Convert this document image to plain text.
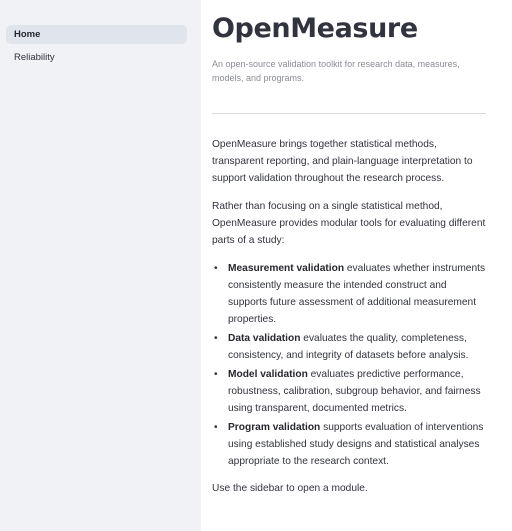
Home
Reliability
OpenMeasure

An open-source validation toolkit for research data, measures, models, and programs.

OpenMeasure brings together statistical methods, transparent reporting, and plain-language interpretation to support validation throughout the research process.

Rather than focusing on a single statistical method, OpenMeasure provides modular tools for evaluating different parts of a study:

• Measurement validation evaluates whether instruments consistently measure the intended construct and supports future assessment of additional measurement properties.
• Data validation evaluates the quality, completeness, consistency, and integrity of datasets before analysis.
• Model validation evaluates predictive performance, robustness, calibration, subgroup behavior, and fairness using transparent, documented metrics.
• Program validation supports evaluation of interventions using established study designs and statistical analyses appropriate to the research context.

Use the sidebar to open a module.
